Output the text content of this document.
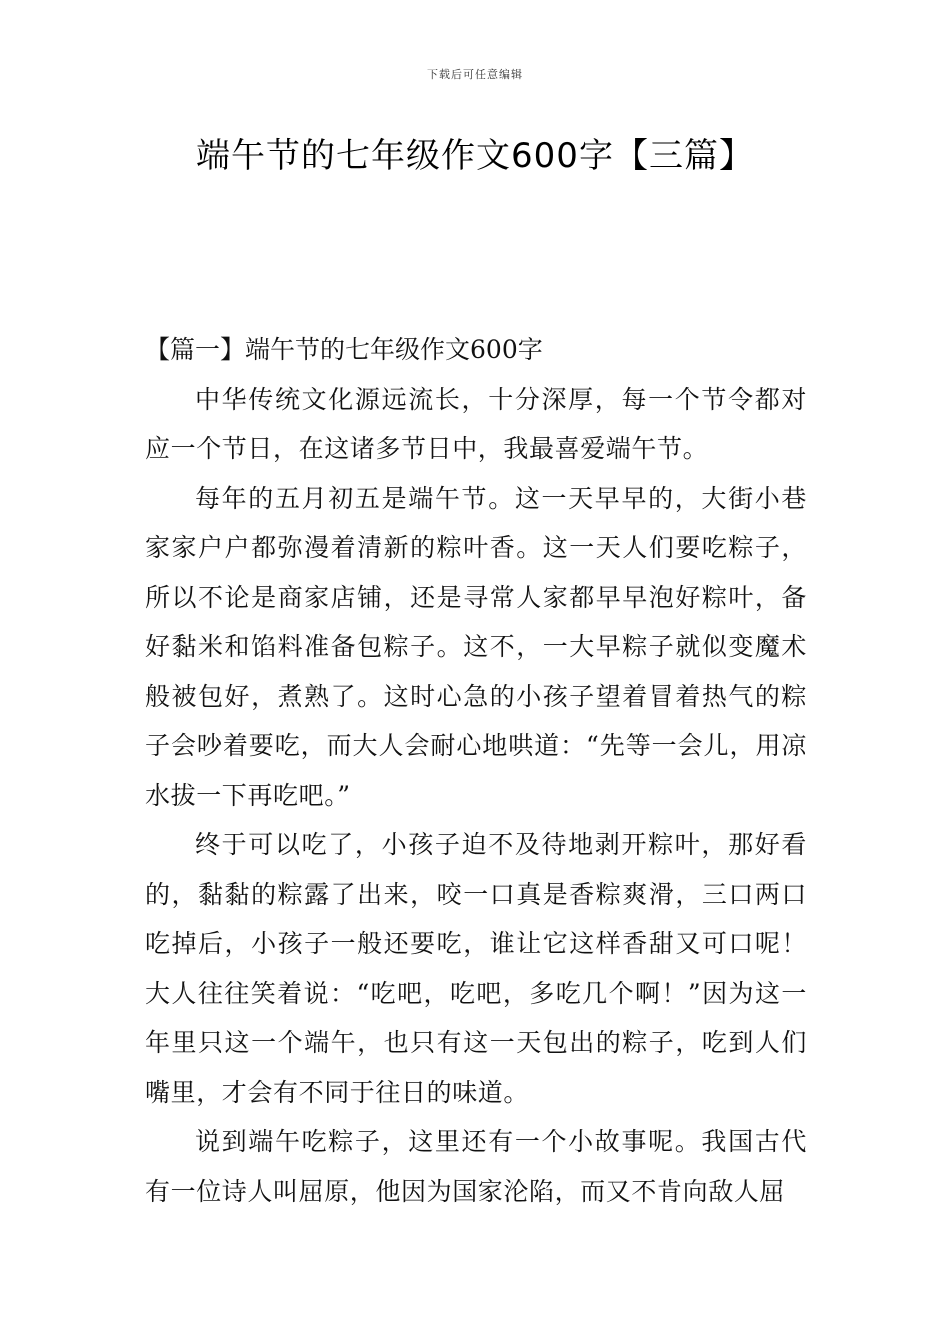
下载后可任意编辑
端午节的七年级作文600字【三篇】
【篇一】端午节的七年级作文600字

中华传统文化源远流长，十分深厚，每一个节令都对应一个节日，在这诸多节日中，我最喜爱端午节。

每年的五月初五是端午节。这一天早早的，大街小巷家家户户都弥漫着清新的粽叶香。这一天人们要吃粽子，所以不论是商家店铺，还是寻常人家都早早泡好粽叶，备好黏米和馅料准备包粽子。这不，一大早粽子就似变魔术般被包好，煮熟了。这时心急的小孩子望着冒着热气的粽子会吵着要吃，而大人会耐心地哄道：“先等一会儿，用凉水拔一下再吃吧。”

终于可以吃了，小孩子迫不及待地剥开粽叶，那好看的，黏黏的粽露了出来，咬一口真是香粽爽滑，三口两口吃掉后，小孩子一般还要吃，谁让它这样香甜又可口呢！大人往往笑着说：“吃吧，吃吧，多吃几个啊！”因为这一年里只这一个端午，也只有这一天包出的粽子，吃到人们嘴里，才会有不同于往日的味道。

说到端午吃粽子，这里还有一个小故事呢。我国古代有一位诗人叫屈原，他因为国家沦陷，而又不肯向敌人屈
